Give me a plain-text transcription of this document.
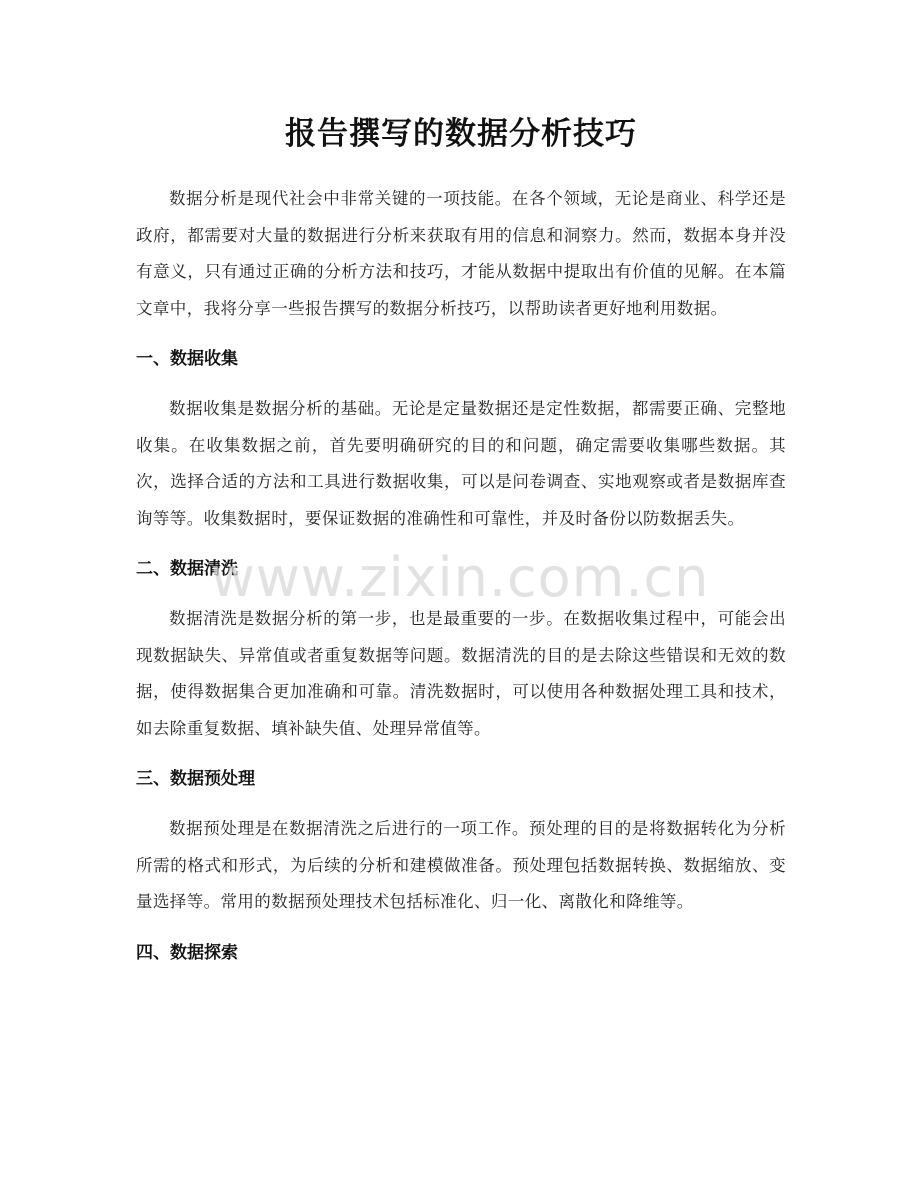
报告撰写的数据分析技巧

数据分析是现代社会中非常关键的一项技能。在各个领域，无论是商业、科学还是政府，都需要对大量的数据进行分析来获取有用的信息和洞察力。然而，数据本身并没有意义，只有通过正确的分析方法和技巧，才能从数据中提取出有价值的见解。在本篇文章中，我将分享一些报告撰写的数据分析技巧，以帮助读者更好地利用数据。

一、数据收集

数据收集是数据分析的基础。无论是定量数据还是定性数据，都需要正确、完整地收集。在收集数据之前，首先要明确研究的目的和问题，确定需要收集哪些数据。其次，选择合适的方法和工具进行数据收集，可以是问卷调查、实地观察或者是数据库查询等等。收集数据时，要保证数据的准确性和可靠性，并及时备份以防数据丢失。

二、数据清洗

数据清洗是数据分析的第一步，也是最重要的一步。在数据收集过程中，可能会出现数据缺失、异常值或者重复数据等问题。数据清洗的目的是去除这些错误和无效的数据，使得数据集合更加准确和可靠。清洗数据时，可以使用各种数据处理工具和技术，如去除重复数据、填补缺失值、处理异常值等。

三、数据预处理

数据预处理是在数据清洗之后进行的一项工作。预处理的目的是将数据转化为分析所需的格式和形式，为后续的分析和建模做准备。预处理包括数据转换、数据缩放、变量选择等。常用的数据预处理技术包括标准化、归一化、离散化和降维等。

四、数据探索
www.zixin.com.cn
